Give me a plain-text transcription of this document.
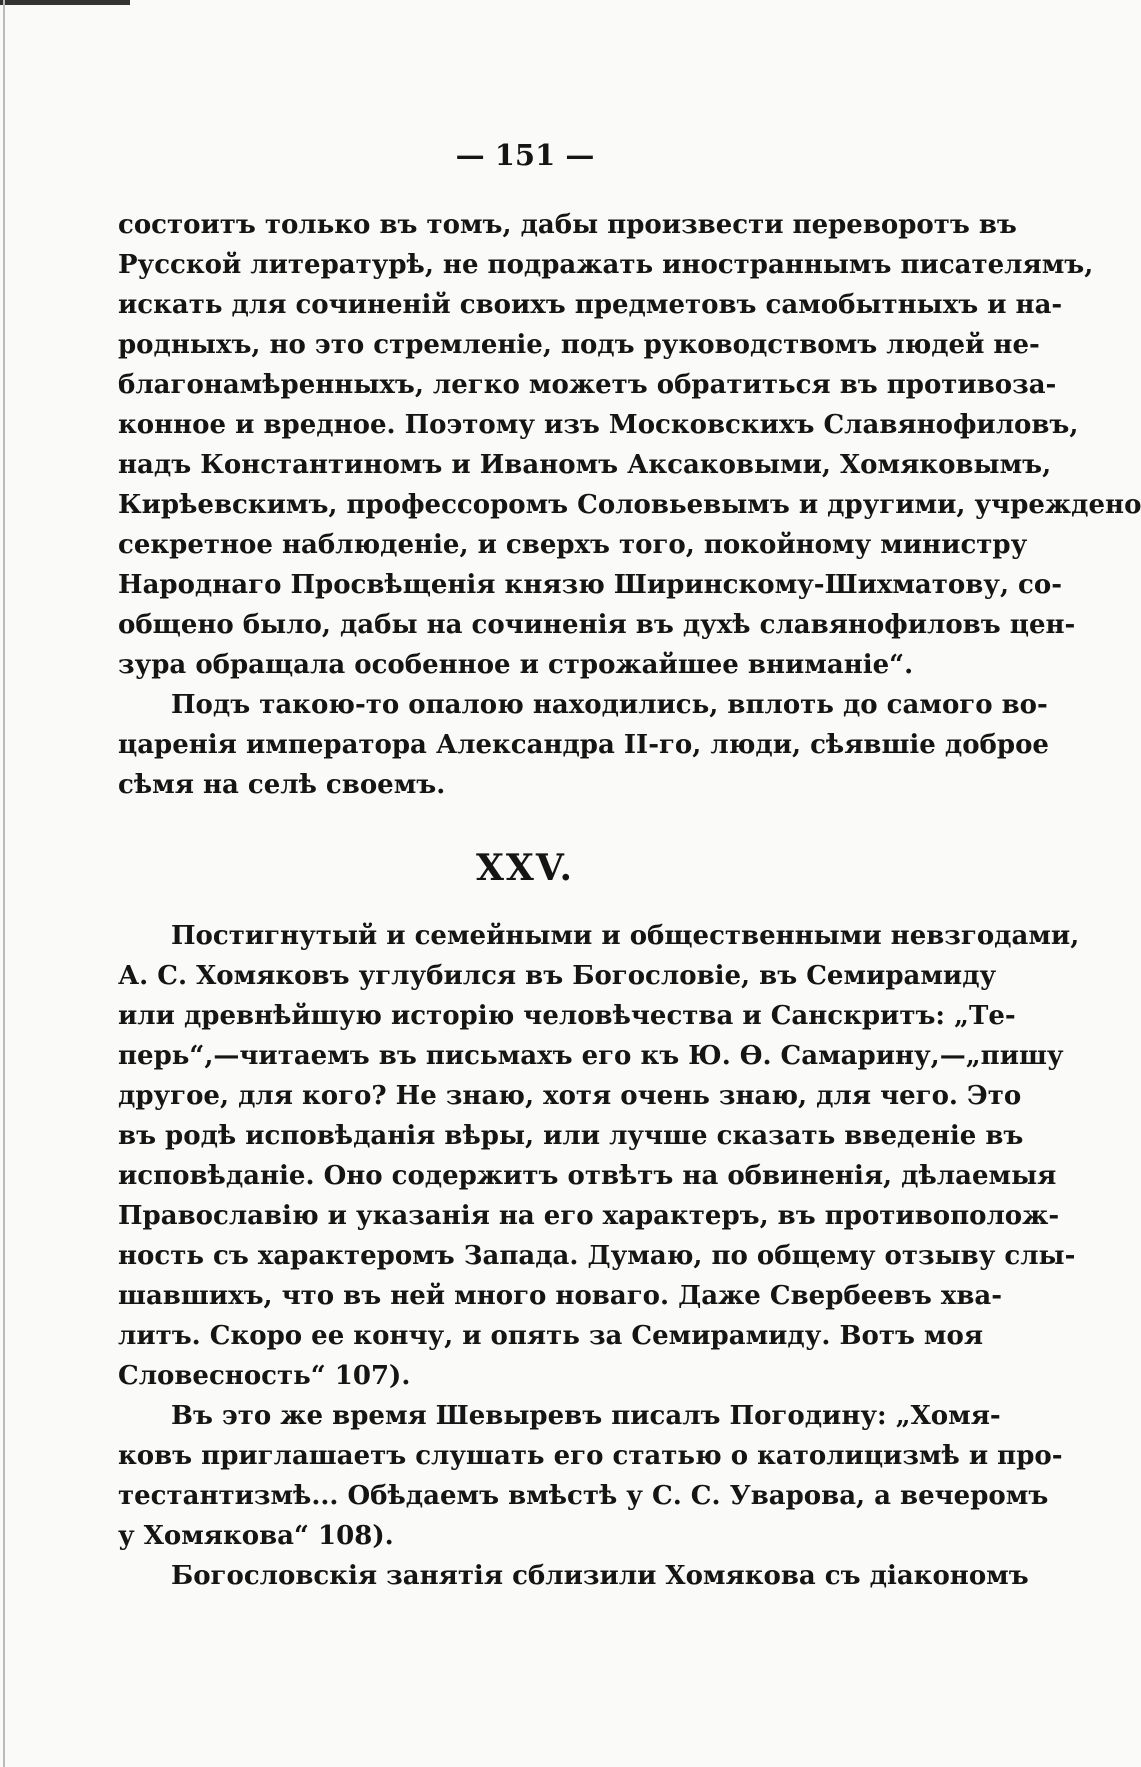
— 151 —
состоитъ только въ томъ, дабы произвести переворотъ въ
Русской литературѣ, не подражать иностраннымъ писателямъ,
искать для сочиненій своихъ предметовъ самобытныхъ и на-
родныхъ, но это стремленіе, подъ руководствомъ людей не-
благонамѣренныхъ, легко можетъ обратиться въ противоза-
конное и вредное. Поэтому изъ Московскихъ Славянофиловъ,
надъ Константиномъ и Иваномъ Аксаковыми, Хомяковымъ,
Кирѣевскимъ, профессоромъ Соловьевымъ и другими, учреждено
секретное наблюденіе, и сверхъ того, покойному министру
Народнаго Просвѣщенія князю Ширинскому-Шихматову, со-
общено было, дабы на сочиненія въ духѣ славянофиловъ цен-
зура обращала особенное и строжайшее вниманіе“.
Подъ такою-то опалою находились, вплоть до самого во-
царенія императора Александра II-го, люди, сѣявшіе доброе
сѣмя на селѣ своемъ.
XXV.
Постигнутый и семейными и общественными невзгодами,
А. С. Хомяковъ углубился въ Богословіе, въ Семирамиду
или древнѣйшую исторію человѣчества и Санскритъ: „Те-
перь“,—читаемъ въ письмахъ его къ Ю. Ѳ. Самарину,—„пишу
другое, для кого? Не знаю, хотя очень знаю, для чего. Это
въ родѣ исповѣданія вѣры, или лучше сказать введеніе въ
исповѣданіе. Оно содержитъ отвѣтъ на обвиненія, дѣлаемыя
Православію и указанія на его характеръ, въ противополож-
ность съ характеромъ Запада. Думаю, по общему отзыву слы-
шавшихъ, что въ ней много новаго. Даже Свербеевъ хва-
литъ. Скоро ее кончу, и опять за Семирамиду. Вотъ моя
Словесность“ 107).
Въ это же время Шевыревъ писалъ Погодину: „Хомя-
ковъ приглашаетъ слушать его статью о католицизмѣ и про-
тестантизмѣ... Обѣдаемъ вмѣстѣ у С. С. Уварова, а вечеромъ
у Хомякова“ 108).
Богословскія занятія сблизили Хомякова съ діакономъ
